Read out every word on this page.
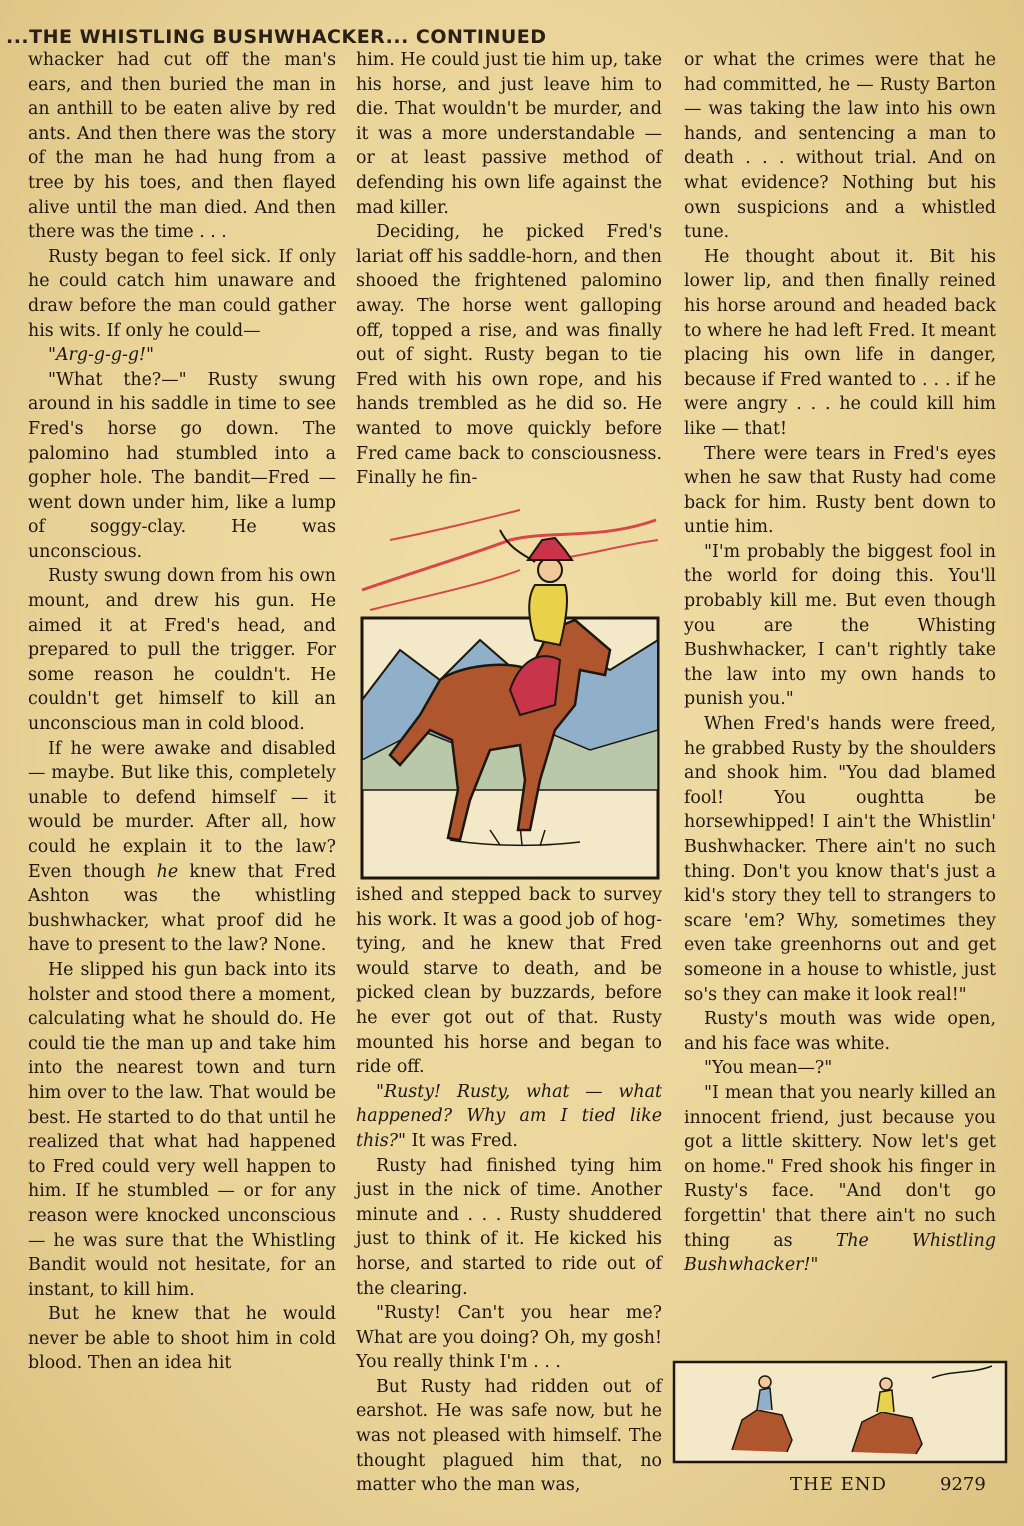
...THE WHISTLING BUSHWHACKER... CONTINUED

whacker had cut off the man's ears, and then buried the man in an anthill to be eaten alive by red ants. And then there was the story of the man he had hung from a tree by his toes, and then flayed alive until the man died. And then there was the time . . .

Rusty began to feel sick. If only he could catch him unaware and draw before the man could gather his wits. If only he could—

"Arg-g-g-g!"

"What the?—" Rusty swung around in his saddle in time to see Fred's horse go down. The palomino had stumbled into a gopher hole. The bandit—Fred —went down under him, like a lump of soggy-clay. He was unconscious.

Rusty swung down from his own mount, and drew his gun. He aimed it at Fred's head, and prepared to pull the trigger. For some reason he couldn't. He couldn't get himself to kill an unconscious man in cold blood.

If he were awake and disabled — maybe. But like this, completely unable to defend himself — it would be murder. After all, how could he explain it to the law? Even though he knew that Fred Ashton was the whistling bushwhacker, what proof did he have to present to the law? None.

He slipped his gun back into its holster and stood there a moment, calculating what he should do. He could tie the man up and take him into the nearest town and turn him over to the law. That would be best. He started to do that until he realized that what had happened to Fred could very well happen to him. If he stumbled — or for any reason were knocked unconscious — he was sure that the Whistling Bandit would not hesitate, for an instant, to kill him.

But he knew that he would never be able to shoot him in cold blood. Then an idea hit

him. He could just tie him up, take his horse, and just leave him to die. That wouldn't be murder, and it was a more understandable — or at least passive method of defending his own life against the mad killer.

Deciding, he picked Fred's lariat off his saddle-horn, and then shooed the frightened palomino away. The horse went galloping off, topped a rise, and was finally out of sight. Rusty began to tie Fred with his own rope, and his hands trembled as he did so. He wanted to move quickly before Fred came back to consciousness. Finally he fin-

ished and stepped back to survey his work. It was a good job of hog-tying, and he knew that Fred would starve to death, and be picked clean by buzzards, before he ever got out of that. Rusty mounted his horse and began to ride off.

"Rusty! Rusty, what — what happened? Why am I tied like this?" It was Fred.

Rusty had finished tying him just in the nick of time. Another minute and . . . Rusty shuddered just to think of it. He kicked his horse, and started to ride out of the clearing.

"Rusty! Can't you hear me? What are you doing? Oh, my gosh! You really think I'm . . .

But Rusty had ridden out of earshot. He was safe now, but he was not pleased with himself. The thought plagued him that, no matter who the man was,

or what the crimes were that he had committed, he — Rusty Barton — was taking the law into his own hands, and sentencing a man to death . . . without trial. And on what evidence? Nothing but his own suspicions and a whistled tune.

He thought about it. Bit his lower lip, and then finally reined his horse around and headed back to where he had left Fred. It meant placing his own life in danger, because if Fred wanted to . . . if he were angry . . . he could kill him like — that!

There were tears in Fred's eyes when he saw that Rusty had come back for him. Rusty bent down to untie him.

"I'm probably the biggest fool in the world for doing this. You'll probably kill me. But even though you are the Whisting Bushwhacker, I can't rightly take the law into my own hands to punish you."

When Fred's hands were freed, he grabbed Rusty by the shoulders and shook him. "You dad blamed fool! You oughtta be horsewhipped! I ain't the Whistlin' Bushwhacker. There ain't no such thing. Don't you know that's just a kid's story they tell to strangers to scare 'em? Why, sometimes they even take greenhorns out and get someone in a house to whistle, just so's they can make it look real!"

Rusty's mouth was wide open, and his face was white.

"You mean—?"

"I mean that you nearly killed an innocent friend, just because you got a little skittery. Now let's get on home." Fred shook his finger in Rusty's face. "And don't go forgettin' that there ain't no such thing as The Whistling Bushwhacker!"

THE END	9279
